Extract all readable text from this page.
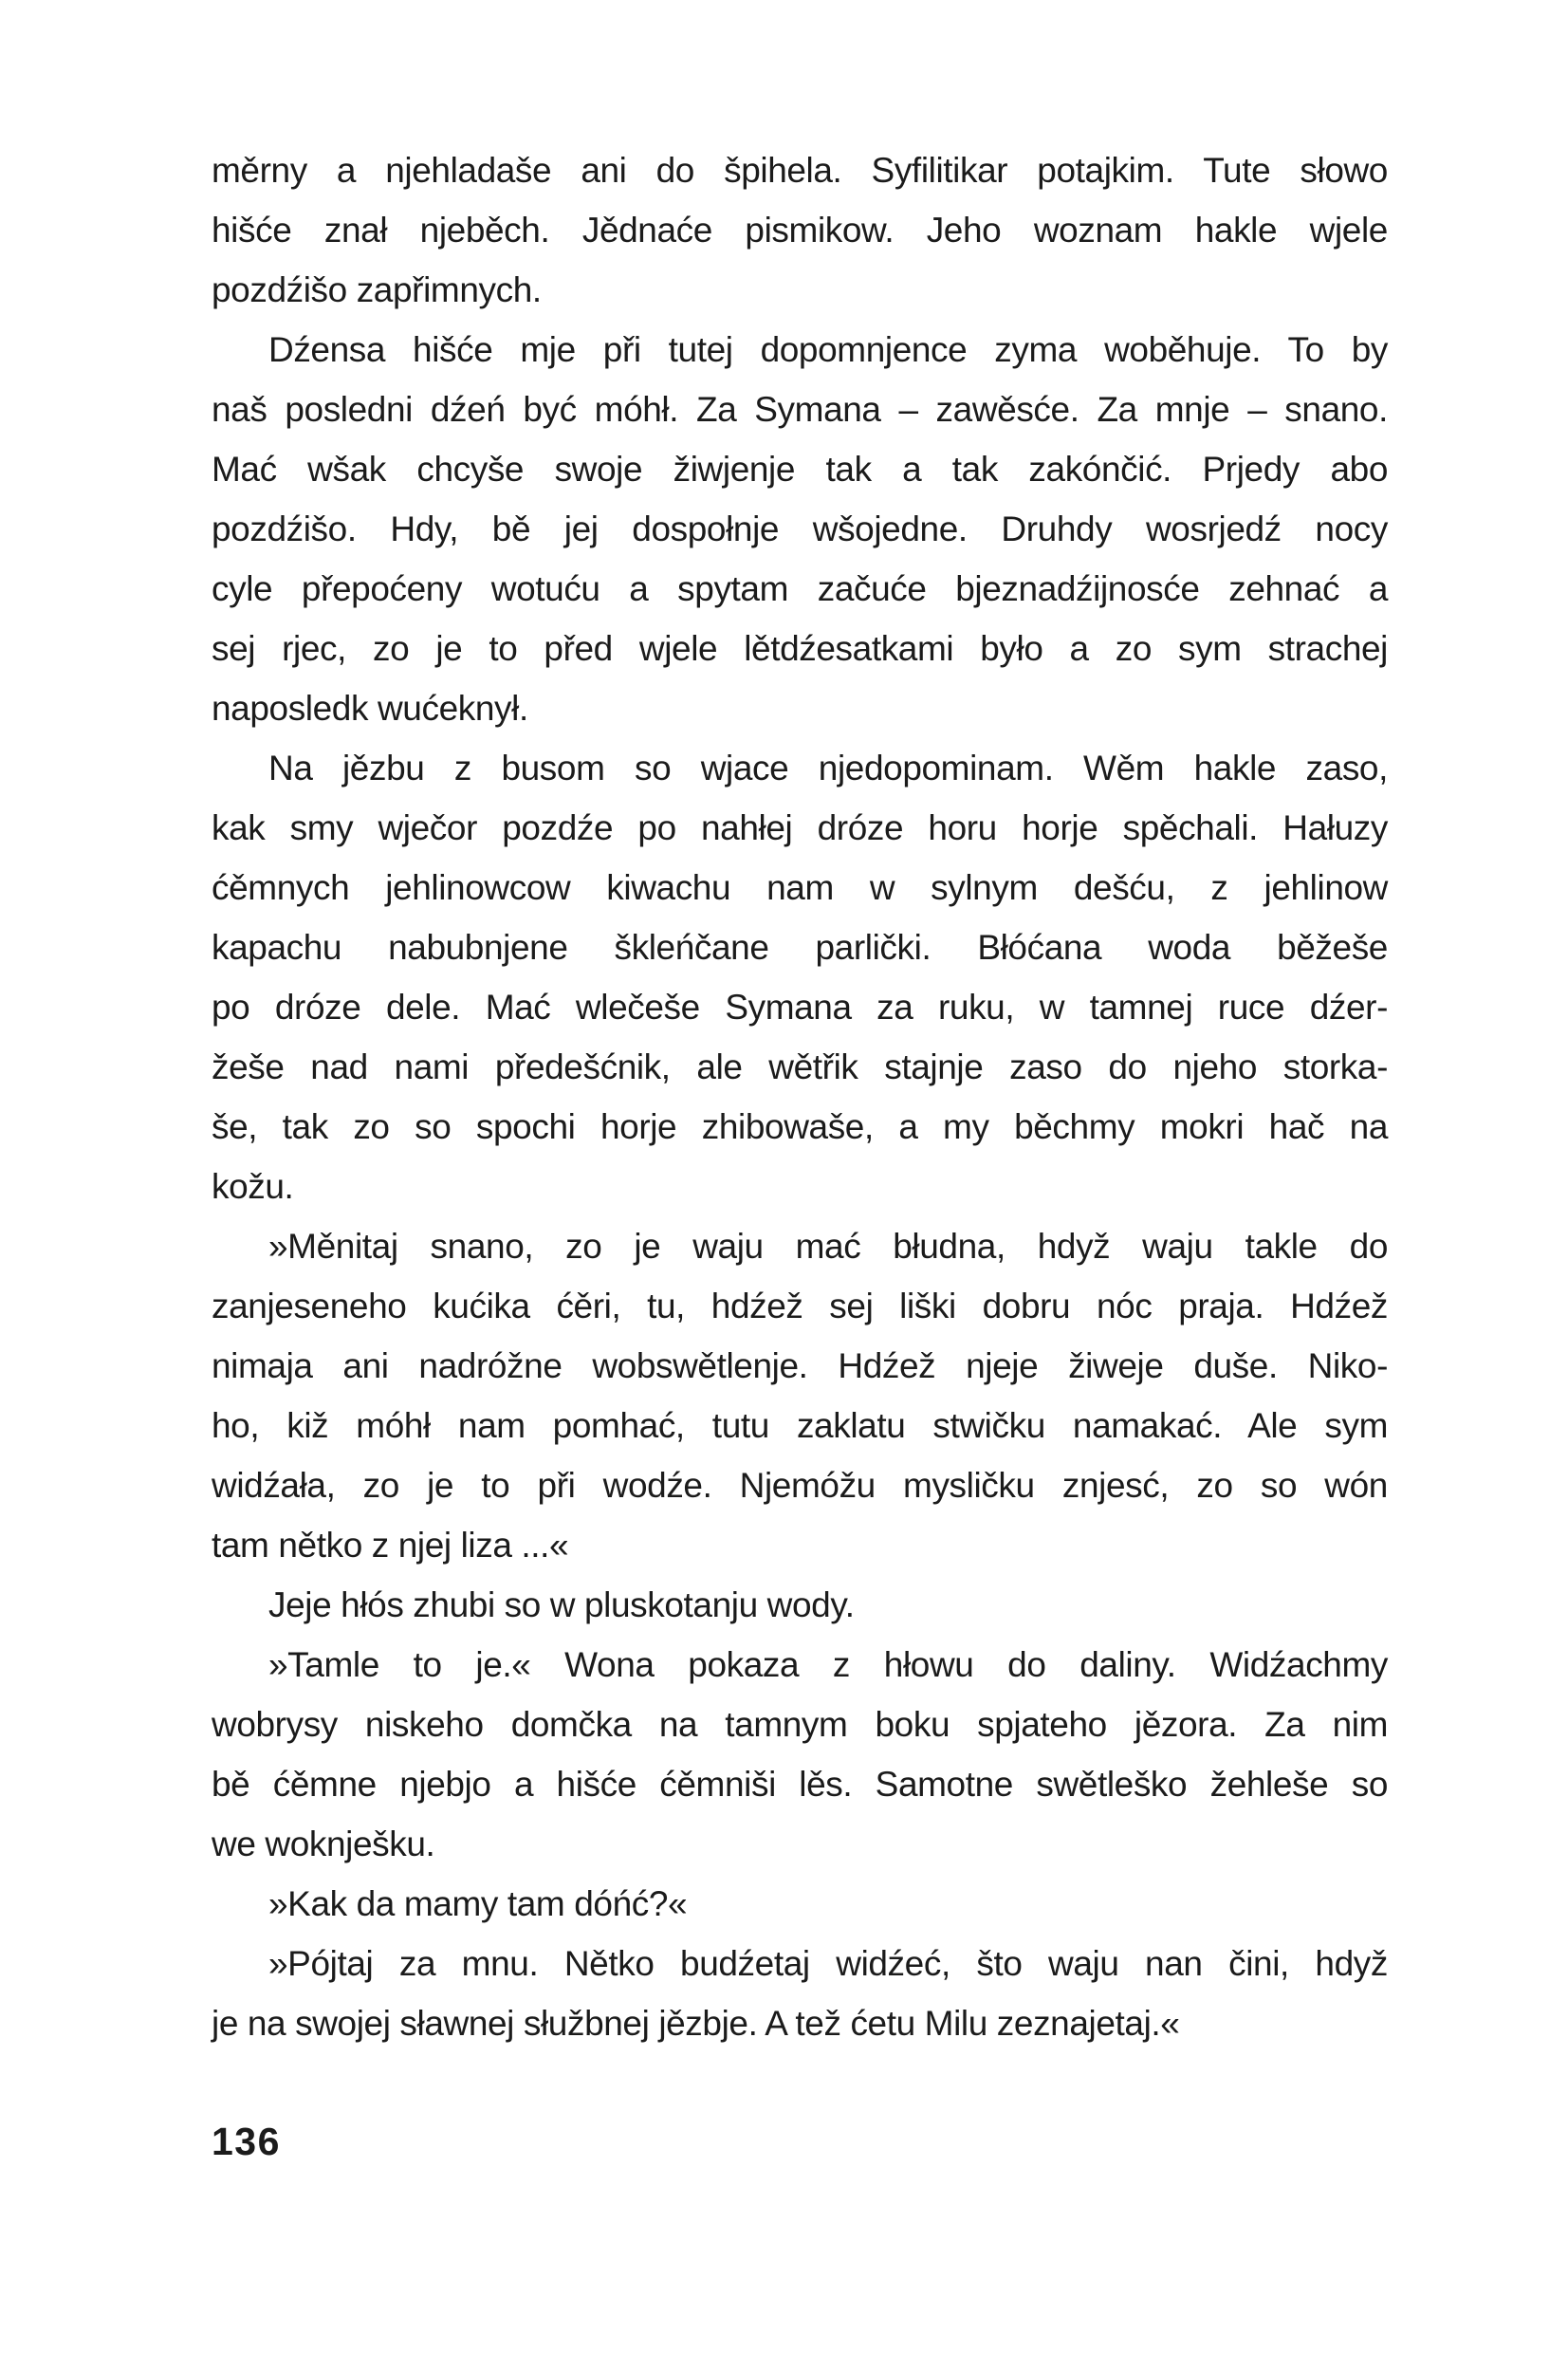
měrny a njehladaše ani do špihela. Syfilitikar potajkim. Tute słowo
hišće znał njeběch. Jědnaće pismikow. Jeho woznam hakle wjele
pozdźišo zapřimnych.

Dźensa hišće mje při tutej dopomnjence zyma woběhuje. To by
naš posledni dźeń być móhł. Za Symana – zawěsće. Za mnje – snano.
Mać wšak chcyše swoje žiwjenje tak a tak zakónčić. Prjedy abo
pozdźišo. Hdy, bě jej dospołnje wšojedne. Druhdy wosrjedź nocy
cyle přepoćeny wotuću a spytam začuće bjeznadźijnosće zehnać a
sej rjec, zo je to před wjele lětdźesatkami było a zo sym strachej
naposledk wućeknył.

Na jězbu z busom so wjace njedopominam. Wěm hakle zaso,
kak smy wječor pozdźe po nahłej dróze horu horje spěchali. Hałuzy
ćěmnych jehlinowcow kiwachu nam w sylnym dešću, z jehlinow
kapachu nabubnjene škleńčane parlički. Błóćana woda běžeše
po dróze dele. Mać wlečeše Symana za ruku, w tamnej ruce dźer-
žeše nad nami předešćnik, ale wětřik stajnje zaso do njeho storka-
še, tak zo so spochi horje zhibowaše, a my běchmy mokri hač na
kožu.

»Měnitaj snano, zo je waju mać błudna, hdyž waju takle do
zanjeseneho kućika ćěri, tu, hdźež sej liški dobru nóc praja. Hdźež
nimaja ani nadróžne wobswětlenje. Hdźež njeje žiweje duše. Niko-
ho, kiž móhł nam pomhać, tutu zaklatu stwičku namakać. Ale sym
widźała, zo je to při wodźe. Njemóžu mysličku znjesć, zo so wón
tam nětko z njej liza ...«

Jeje hłós zhubi so w pluskotanju wody.

»Tamle to je.« Wona pokaza z hłowu do daliny. Widźachmy
wobrysy niskeho domčka na tamnym boku spjateho jězora. Za nim
bě ćěmne njebjo a hišće ćěmniši lěs. Samotne swětleško žehleše so
we woknješku.

»Kak da mamy tam dóńć?«

»Pójtaj za mnu. Nětko budźetaj widźeć, što waju nan čini, hdyž
je na swojej sławnej słužbnej jězbje. A tež ćetu Milu zeznajetaj.«

136
